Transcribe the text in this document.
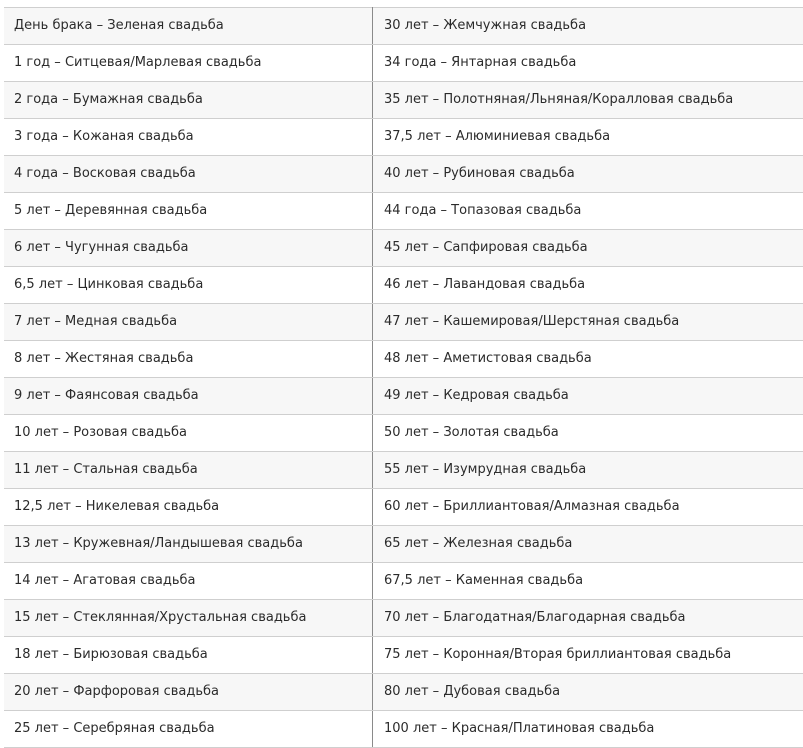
День брака – Зеленая свадьба	30 лет – Жемчужная свадьба
1 год – Ситцевая/Марлевая свадьба	34 года – Янтарная свадьба
2 года – Бумажная свадьба	35 лет – Полотняная/Льняная/Коралловая свадьба
3 года – Кожаная свадьба	37,5 лет – Алюминиевая свадьба
4 года – Восковая свадьба	40 лет – Рубиновая свадьба
5 лет – Деревянная свадьба	44 года – Топазовая свадьба
6 лет – Чугунная свадьба	45 лет – Сапфировая свадьба
6,5 лет – Цинковая свадьба	46 лет – Лавандовая свадьба
7 лет – Медная свадьба	47 лет – Кашемировая/Шерстяная свадьба
8 лет – Жестяная свадьба	48 лет – Аметистовая свадьба
9 лет – Фаянсовая свадьба	49 лет – Кедровая свадьба
10 лет – Розовая свадьба	50 лет – Золотая свадьба
11 лет – Стальная свадьба	55 лет – Изумрудная свадьба
12,5 лет – Никелевая свадьба	60 лет – Бриллиантовая/Алмазная свадьба
13 лет – Кружевная/Ландышевая свадьба	65 лет – Железная свадьба
14 лет – Агатовая свадьба	67,5 лет – Каменная свадьба
15 лет – Стеклянная/Хрустальная свадьба	70 лет – Благодатная/Благодарная свадьба
18 лет – Бирюзовая свадьба	75 лет – Коронная/Вторая бриллиантовая свадьба
20 лет – Фарфоровая свадьба	80 лет – Дубовая свадьба
25 лет – Серебряная свадьба	100 лет – Красная/Платиновая свадьба
